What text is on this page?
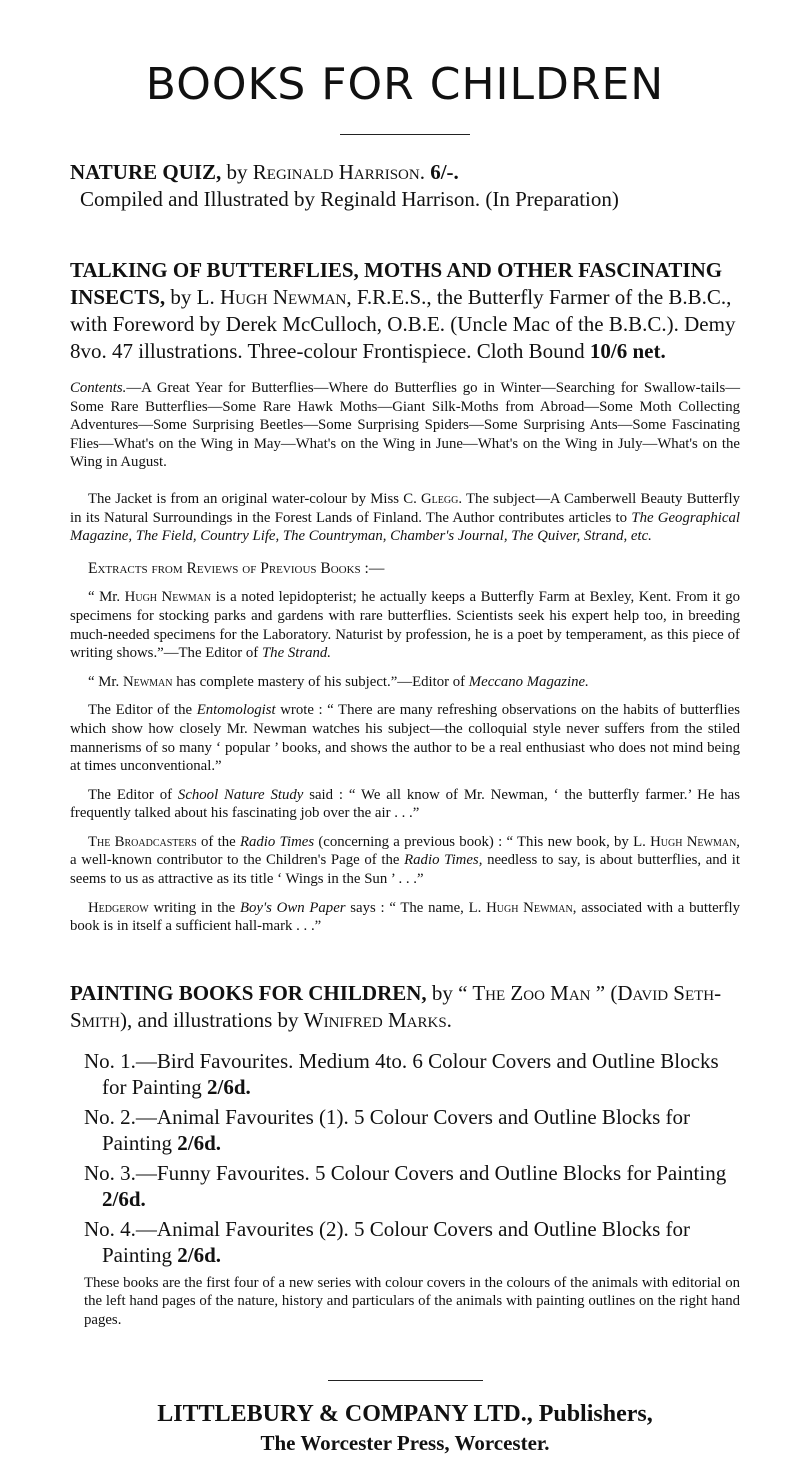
BOOKS FOR CHILDREN

NATURE QUIZ, by Reginald Harrison. 6/-.

Compiled and Illustrated by Reginald Harrison. (In Preparation)

TALKING OF BUTTERFLIES, MOTHS AND OTHER FASCINATING INSECTS, by L. Hugh Newman, F.R.E.S., the Butterfly Farmer of the B.B.C., with Foreword by Derek McCulloch, O.B.E. (Uncle Mac of the B.B.C.). Demy 8vo. 47 illustrations. Three-colour Frontispiece. Cloth Bound 10/6 net.

Contents.—A Great Year for Butterflies—Where do Butterflies go in Winter—Searching for Swallow-tails—Some Rare Butterflies—Some Rare Hawk Moths—Giant Silk-Moths from Abroad—Some Moth Collecting Adventures—Some Surprising Beetles—Some Surprising Spiders—Some Surprising Ants—Some Fascinating Flies—What's on the Wing in May—What's on the Wing in June—What's on the Wing in July—What's on the Wing in August.

The Jacket is from an original water-colour by Miss C. Glegg. The subject—A Camberwell Beauty Butterfly in its Natural Surroundings in the Forest Lands of Finland. The Author contributes articles to The Geographical Magazine, The Field, Country Life, The Countryman, Chamber's Journal, The Quiver, Strand, etc.

Extracts from Reviews of Previous Books :—

“ Mr. Hugh Newman is a noted lepidopterist; he actually keeps a Butterfly Farm at Bexley, Kent. From it go specimens for stocking parks and gardens with rare butterflies. Scientists seek his expert help too, in breeding much-needed specimens for the Laboratory. Naturist by profession, he is a poet by temperament, as this piece of writing shows.”—The Editor of The Strand.

“ Mr. Newman has complete mastery of his subject.”—Editor of Meccano Magazine.

The Editor of the Entomologist wrote : “ There are many refreshing observations on the habits of butterflies which show how closely Mr. Newman watches his subject—the colloquial style never suffers from the stiled mannerisms of so many ‘ popular ’ books, and shows the author to be a real enthusiast who does not mind being at times unconventional.”

The Editor of School Nature Study said : “ We all know of Mr. Newman, ‘ the butterfly farmer.’ He has frequently talked about his fascinating job over the air . . .”

The Broadcasters of the Radio Times (concerning a previous book) : “ This new book, by L. Hugh Newman, a well-known contributor to the Children's Page of the Radio Times, needless to say, is about butterflies, and it seems to us as attractive as its title ‘ Wings in the Sun ’ . . .”

Hedgerow writing in the Boy's Own Paper says : “ The name, L. Hugh Newman, associated with a butterfly book is in itself a sufficient hall-mark . . .”

PAINTING BOOKS FOR CHILDREN, by “ The Zoo Man ” (David Seth-Smith), and illustrations by Winifred Marks.

No. 1.—Bird Favourites. Medium 4to. 6 Colour Covers and Outline Blocks for Painting 2/6d.

No. 2.—Animal Favourites (1). 5 Colour Covers and Outline Blocks for Painting 2/6d.

No. 3.—Funny Favourites. 5 Colour Covers and Outline Blocks for Painting 2/6d.

No. 4.—Animal Favourites (2). 5 Colour Covers and Outline Blocks for Painting 2/6d.

These books are the first four of a new series with colour covers in the colours of the animals with editorial on the left hand pages of the nature, history and particulars of the animals with painting outlines on the right hand pages.

LITTLEBURY & COMPANY LTD., Publishers,

The Worcester Press, Worcester.
